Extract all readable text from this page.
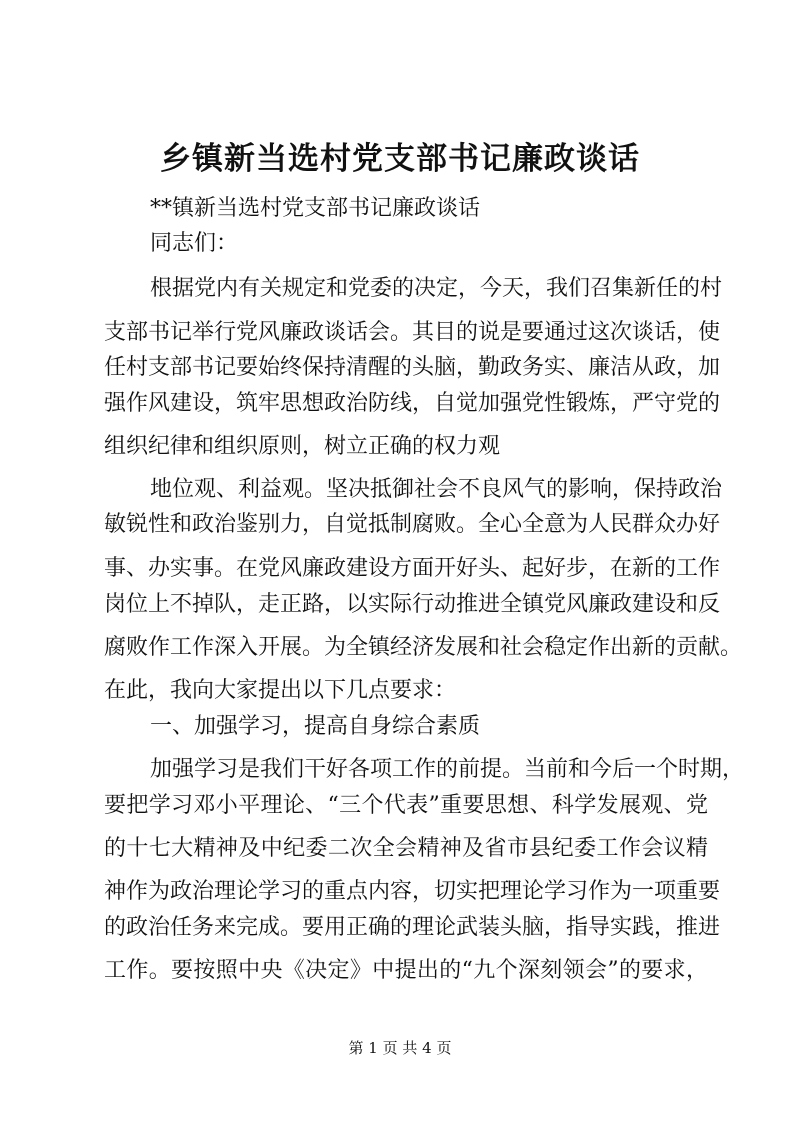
乡镇新当选村党支部书记廉政谈话
**镇新当选村党支部书记廉政谈话
同志们：
根据党内有关规定和党委的决定，今天，我们召集新任的村
支部书记举行党风廉政谈话会。其目的说是要通过这次谈话，使
任村支部书记要始终保持清醒的头脑，勤政务实、廉洁从政，加
强作风建设，筑牢思想政治防线，自觉加强党性锻炼，严守党的
组织纪律和组织原则，树立正确的权力观
地位观、利益观。坚决抵御社会不良风气的影响，保持政治
敏锐性和政治鉴别力，自觉抵制腐败。全心全意为人民群众办好
事、办实事。在党风廉政建设方面开好头、起好步，在新的工作
岗位上不掉队，走正路，以实际行动推进全镇党风廉政建设和反
腐败作工作深入开展。为全镇经济发展和社会稳定作出新的贡献。
在此，我向大家提出以下几点要求：
一、加强学习，提高自身综合素质
加强学习是我们干好各项工作的前提。当前和今后一个时期，
要把学习邓小平理论、“三个代表”重要思想、科学发展观、党
的十七大精神及中纪委二次全会精神及省市县纪委工作会议精
神作为政治理论学习的重点内容，切实把理论学习作为一项重要
的政治任务来完成。要用正确的理论武装头脑，指导实践，推进
工作。要按照中央《决定》中提出的“九个深刻领会”的要求，
第 1 页 共 4 页
